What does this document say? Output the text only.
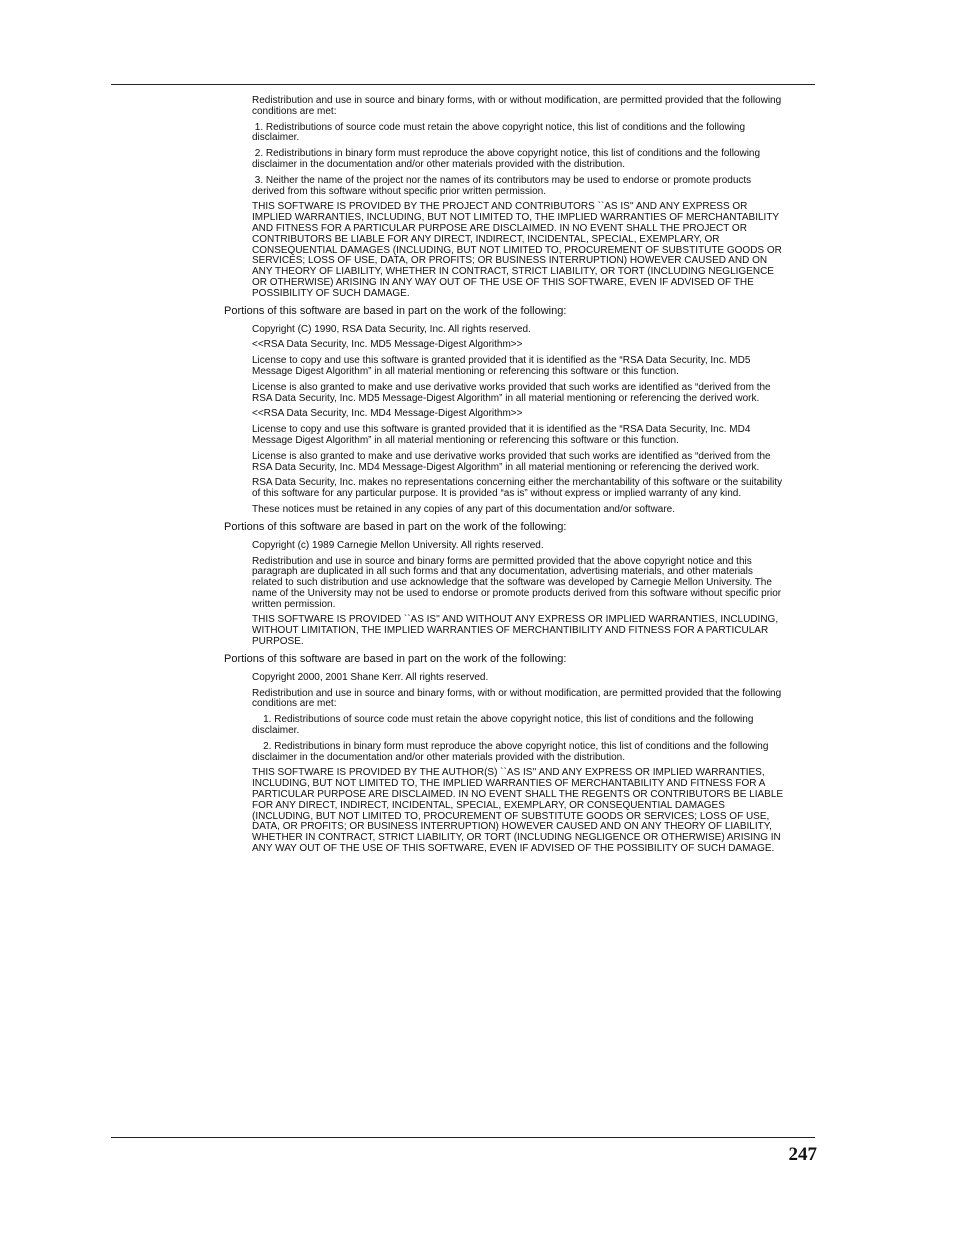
Redistribution and use in source and binary forms, with or without modification, are permitted provided that the following conditions are met:

1. Redistributions of source code must retain the above copyright notice, this list of conditions and the following disclaimer.

2. Redistributions in binary form must reproduce the above copyright notice, this list of conditions and the following disclaimer in the documentation and/or other materials provided with the distribution.

3. Neither the name of the project nor the names of its contributors may be used to endorse or promote products derived from this software without specific prior written permission.

THIS SOFTWARE IS PROVIDED BY THE PROJECT AND CONTRIBUTORS ``AS IS'' AND ANY EXPRESS OR IMPLIED WARRANTIES, INCLUDING, BUT NOT LIMITED TO, THE IMPLIED WARRANTIES OF MERCHANTABILITY AND FITNESS FOR A PARTICULAR PURPOSE ARE DISCLAIMED. IN NO EVENT SHALL THE PROJECT OR CONTRIBUTORS BE LIABLE FOR ANY DIRECT, INDIRECT, INCIDENTAL, SPECIAL, EXEMPLARY, OR CONSEQUENTIAL DAMAGES (INCLUDING, BUT NOT LIMITED TO, PROCUREMENT OF SUBSTITUTE GOODS OR SERVICES; LOSS OF USE, DATA, OR PROFITS; OR BUSINESS INTERRUPTION) HOWEVER CAUSED AND ON ANY THEORY OF LIABILITY, WHETHER IN CONTRACT, STRICT LIABILITY, OR TORT (INCLUDING NEGLIGENCE OR OTHERWISE) ARISING IN ANY WAY OUT OF THE USE OF THIS SOFTWARE, EVEN IF ADVISED OF THE POSSIBILITY OF SUCH DAMAGE.

Portions of this software are based in part on the work of the following:

Copyright (C) 1990, RSA Data Security, Inc. All rights reserved.

<<RSA Data Security, Inc. MD5 Message-Digest Algorithm>>

License to copy and use this software is granted provided that it is identified as the “RSA Data Security, Inc. MD5 Message Digest Algorithm” in all material mentioning or referencing this software or this function.

License is also granted to make and use derivative works provided that such works are identified as “derived from the RSA Data Security, Inc. MD5 Message-Digest Algorithm” in all material mentioning or referencing the derived work.

<<RSA Data Security, Inc. MD4 Message-Digest Algorithm>>

License to copy and use this software is granted provided that it is identified as the “RSA Data Security, Inc. MD4 Message Digest Algorithm” in all material mentioning or referencing this software or this function.

License is also granted to make and use derivative works provided that such works are identified as “derived from the RSA Data Security, Inc. MD4 Message-Digest Algorithm” in all material mentioning or referencing the derived work.

RSA Data Security, Inc. makes no representations concerning either the merchantability of this software or the suitability of this software for any particular purpose. It is provided “as is” without express or implied warranty of any kind.

These notices must be retained in any copies of any part of this documentation and/or software.

Portions of this software are based in part on the work of the following:

Copyright (c) 1989 Carnegie Mellon University. All rights reserved.

Redistribution and use in source and binary forms are permitted provided that the above copyright notice and this paragraph are duplicated in all such forms and that any documentation, advertising materials, and other materials related to such distribution and use acknowledge that the software was developed by Carnegie Mellon University. The name of the University may not be used to endorse or promote products derived from this software without specific prior written permission.

THIS SOFTWARE IS PROVIDED ``AS IS'' AND WITHOUT ANY EXPRESS OR IMPLIED WARRANTIES, INCLUDING, WITHOUT LIMITATION, THE IMPLIED WARRANTIES OF MERCHANTIBILITY AND FITNESS FOR A PARTICULAR PURPOSE.

Portions of this software are based in part on the work of the following:

Copyright 2000, 2001 Shane Kerr. All rights reserved.

Redistribution and use in source and binary forms, with or without modification, are permitted provided that the following conditions are met:

1. Redistributions of source code must retain the above copyright notice, this list of conditions and the following disclaimer.

2. Redistributions in binary form must reproduce the above copyright notice, this list of conditions and the following disclaimer in the documentation and/or other materials provided with the distribution.

THIS SOFTWARE IS PROVIDED BY THE AUTHOR(S) ``AS IS'' AND ANY EXPRESS OR IMPLIED WARRANTIES, INCLUDING, BUT NOT LIMITED TO, THE IMPLIED WARRANTIES OF MERCHANTABILITY AND FITNESS FOR A PARTICULAR PURPOSE ARE DISCLAIMED. IN NO EVENT SHALL THE REGENTS OR CONTRIBUTORS BE LIABLE FOR ANY DIRECT, INDIRECT, INCIDENTAL, SPECIAL, EXEMPLARY, OR CONSEQUENTIAL DAMAGES (INCLUDING, BUT NOT LIMITED TO, PROCUREMENT OF SUBSTITUTE GOODS OR SERVICES; LOSS OF USE, DATA, OR PROFITS; OR BUSINESS INTERRUPTION) HOWEVER CAUSED AND ON ANY THEORY OF LIABILITY, WHETHER IN CONTRACT, STRICT LIABILITY, OR TORT (INCLUDING NEGLIGENCE OR OTHERWISE) ARISING IN ANY WAY OUT OF THE USE OF THIS SOFTWARE, EVEN IF ADVISED OF THE POSSIBILITY OF SUCH DAMAGE.

247
